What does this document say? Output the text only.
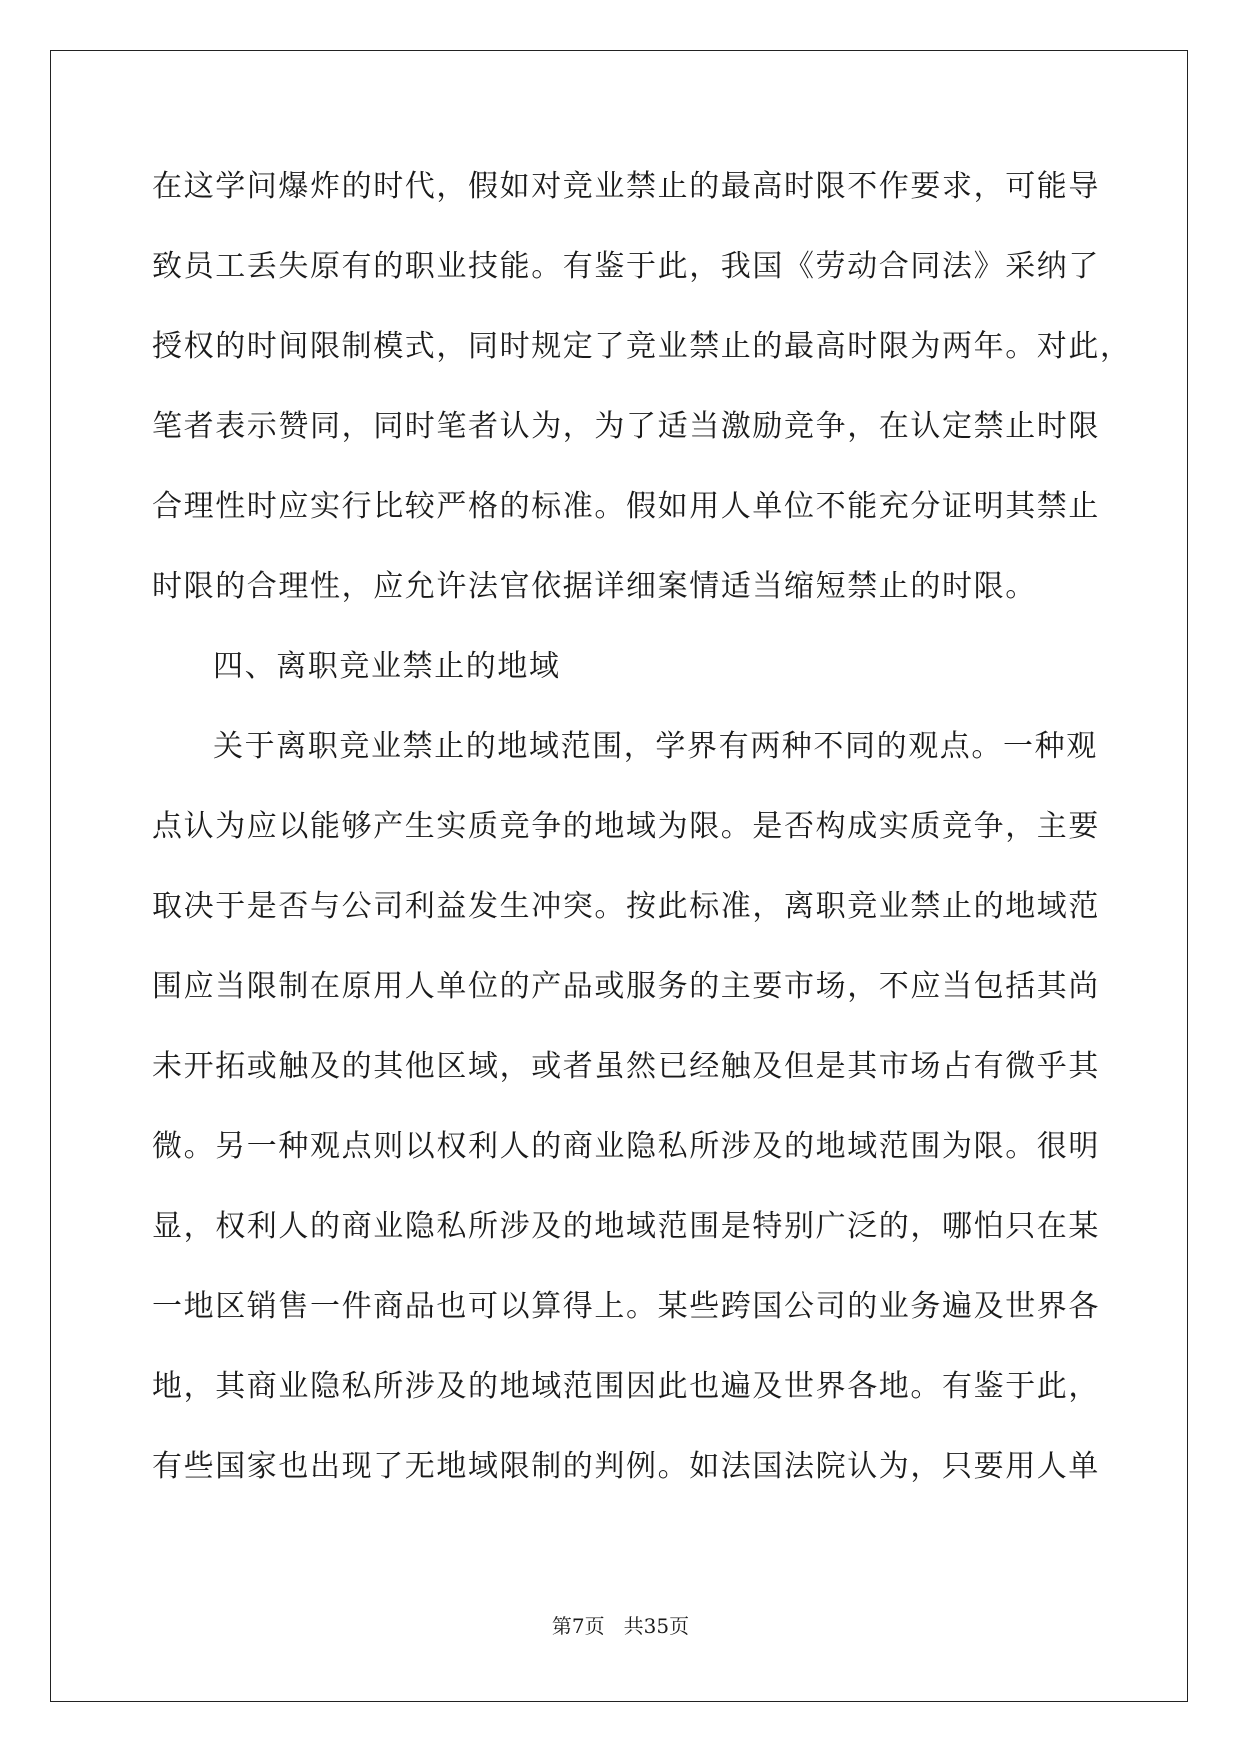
在这学问爆炸的时代，假如对竞业禁止的最高时限不作要求，可能导
致员工丢失原有的职业技能。有鉴于此，我国《劳动合同法》采纳了
授权的时间限制模式，同时规定了竞业禁止的最高时限为两年。对此，
笔者表示赞同，同时笔者认为，为了适当激励竞争，在认定禁止时限
合理性时应实行比较严格的标准。假如用人单位不能充分证明其禁止
时限的合理性，应允许法官依据详细案情适当缩短禁止的时限。
四、离职竞业禁止的地域
关于离职竞业禁止的地域范围，学界有两种不同的观点。一种观
点认为应以能够产生实质竞争的地域为限。是否构成实质竞争，主要
取决于是否与公司利益发生冲突。按此标准，离职竞业禁止的地域范
围应当限制在原用人单位的产品或服务的主要市场，不应当包括其尚
未开拓或触及的其他区域，或者虽然已经触及但是其市场占有微乎其
微。另一种观点则以权利人的商业隐私所涉及的地域范围为限。很明
显，权利人的商业隐私所涉及的地域范围是特别广泛的，哪怕只在某
一地区销售一件商品也可以算得上。某些跨国公司的业务遍及世界各
地，其商业隐私所涉及的地域范围因此也遍及世界各地。有鉴于此，
有些国家也出现了无地域限制的判例。如法国法院认为，只要用人单
第7页 共35页
